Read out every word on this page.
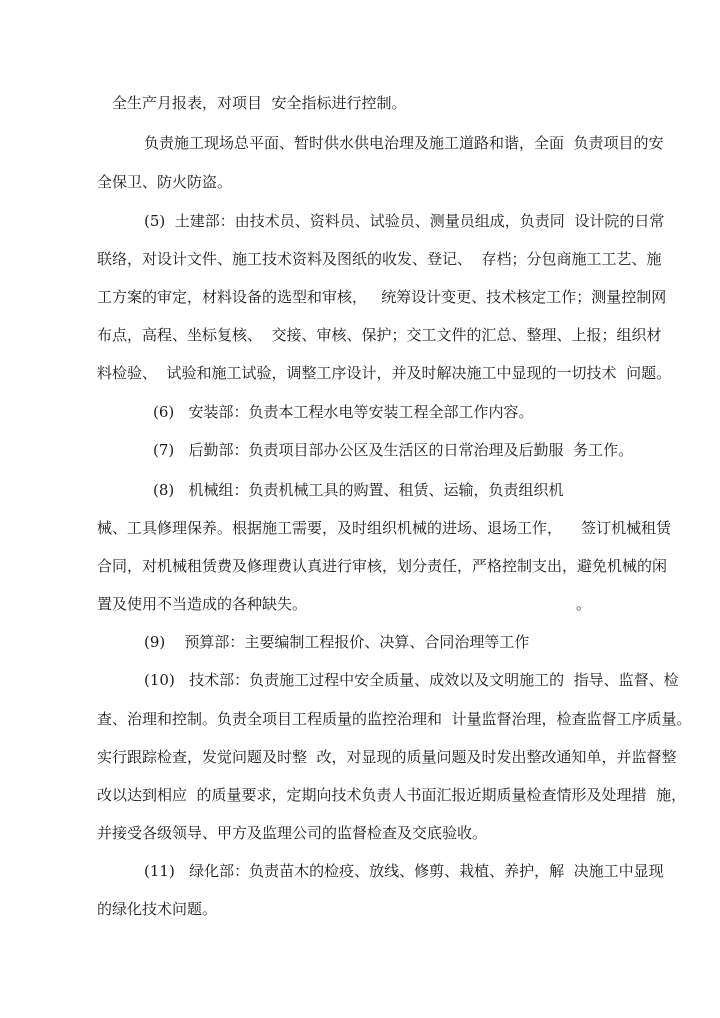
全生产月报表，对项目  安全指标进行控制。
负责施工现场总平面、暂时供水供电治理及施工道路和谐，全面  负责项目的安
全保卫、防火防盗。
(5)  土建部：由技术员、资料员、试验员、测量员组成，负责同  设计院的日常
联络，对设计文件、施工技术资料及图纸的收发、登记、  存档；分包商施工工艺、施
工方案的审定，材料设备的选型和审核，   统筹设计变更、技术核定工作；测量控制网
布点，高程、坐标复核、  交接、审核、保护；交工文件的汇总、整理、上报；组织材
料检验、  试验和施工试验，调整工序设计，并及时解决施工中显现的一切技术  问题。
(6)   安装部：负责本工程水电等安装工程全部工作内容。
(7)   后勤部：负责项目部办公区及生活区的日常治理及后勤服  务工作。
(8)   机械组：负责机械工具的购置、租赁、运输，负责组织机
械、工具修理保养。根据施工需要，及时组织机械的进场、退场工作，    签订机械租赁
合同，对机械租赁费及修理费认真进行审核，划分责任，严格控制支出，避免机械的闲
置及使用不当造成的各种缺失。	。
(9)    预算部：主要编制工程报价、决算、合同治理等工作
(10)   技术部：负责施工过程中安全质量、成效以及文明施工的  指导、监督、检
查、治理和控制。负责全项目工程质量的监控治理和  计量监督治理，检查监督工序质量。
实行跟踪检查，发觉问题及时整  改，对显现的质量问题及时发出整改通知单，并监督整
改以达到相应  的质量要求，定期向技术负责人书面汇报近期质量检查情形及处理措  施，
并接受各级领导、甲方及监理公司的监督检查及交底验收。
(11)   绿化部：负责苗木的检疫、放线、修剪、栽植、养护，解  决施工中显现
的绿化技术问题。
